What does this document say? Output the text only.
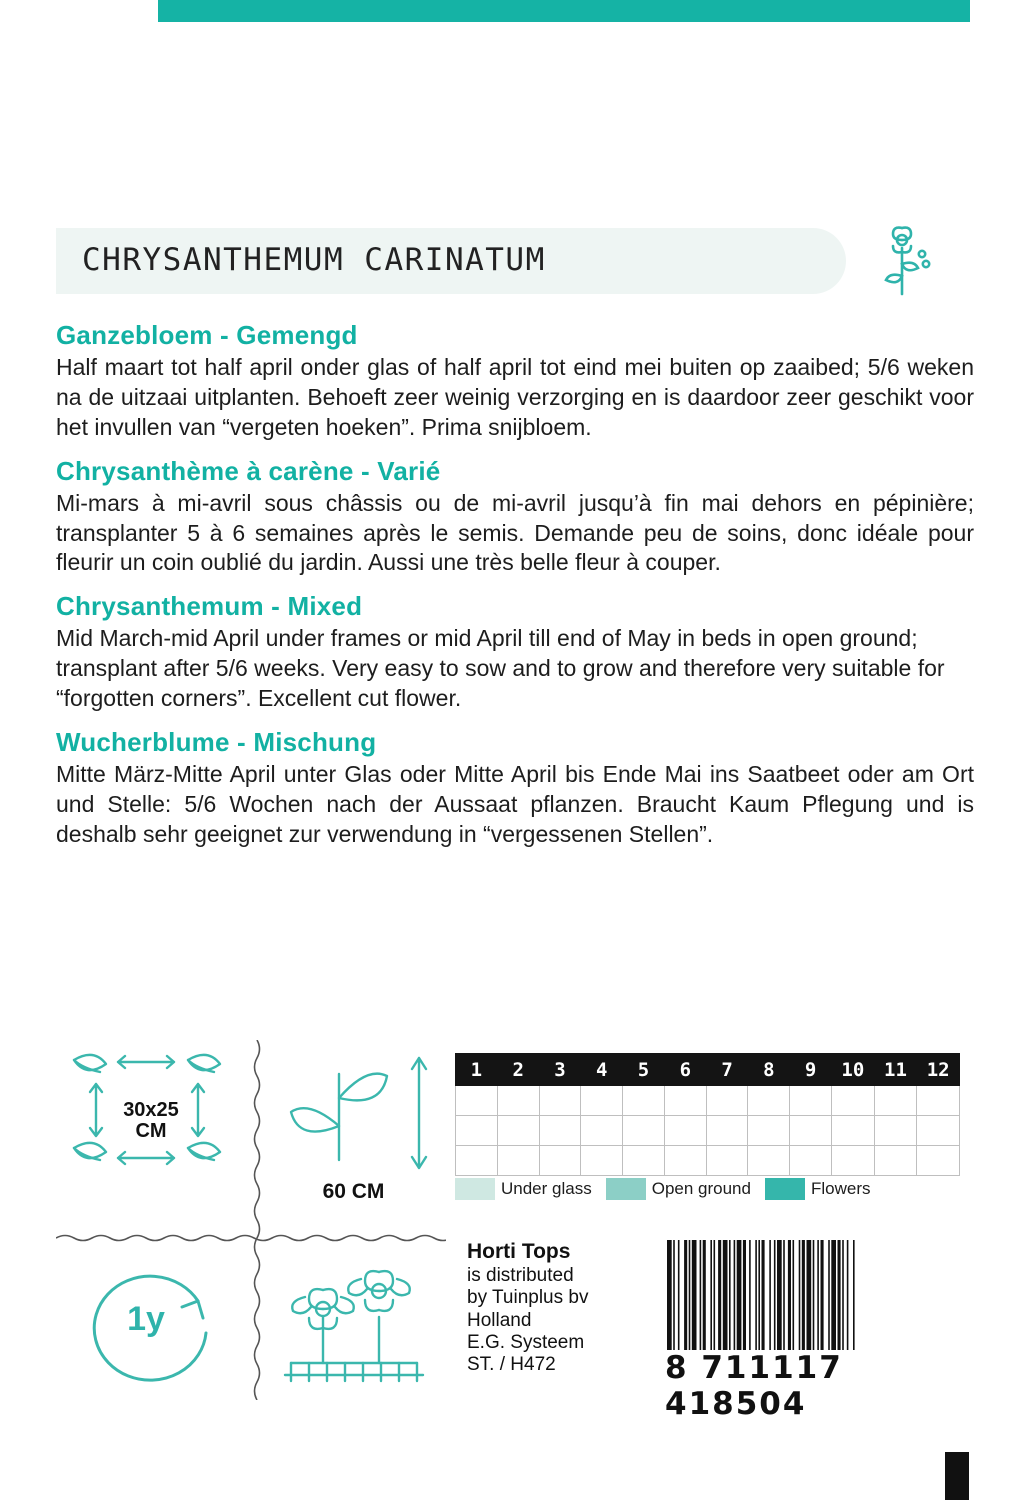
CHRYSANTHEMUM CARINATUM
Ganzebloem - Gemengd

Half maart tot half april onder glas of half april tot eind mei buiten op zaaibed; 5/6 weken na de uitzaai uitplanten. Behoeft zeer weinig verzorging en is daardoor zeer geschikt voor het invullen van “vergeten hoeken”. Prima snijbloem.

Chrysanthème à carène - Varié

Mi-mars à mi-avril sous châssis ou de mi-avril jusqu’à fin mai dehors en pépinière; transplanter 5 à 6 semaines après le semis. Demande peu de soins, donc idéale pour fleurir un coin oublié du jardin. Aussi une très belle fleur à couper.

Chrysanthemum - Mixed

Mid March-mid April under frames or mid April till end of May in beds in open ground; transplant after 5/6 weeks. Very easy to sow and to grow and therefore very suitable for “forgotten corners”. Excellent cut flower.

Wucherblume - Mischung

Mitte März-Mitte April unter Glas oder Mitte April bis Ende Mai ins Saatbeet oder am Ort und Stelle: 5/6 Wochen nach der Aussaat pflanzen. Braucht Kaum Pflegung und is deshalb sehr geeignet zur verwendung in “vergessenen Stellen”.

30x25
CM
60 CM
1y
1	2	3	4	5	6	7	8	9	10	11	12

Under glass	Open ground	Flowers
Horti Tops
is distributed
by Tuinplus bv
Holland
E.G. Systeem
ST. / H472	8 711117 418504
